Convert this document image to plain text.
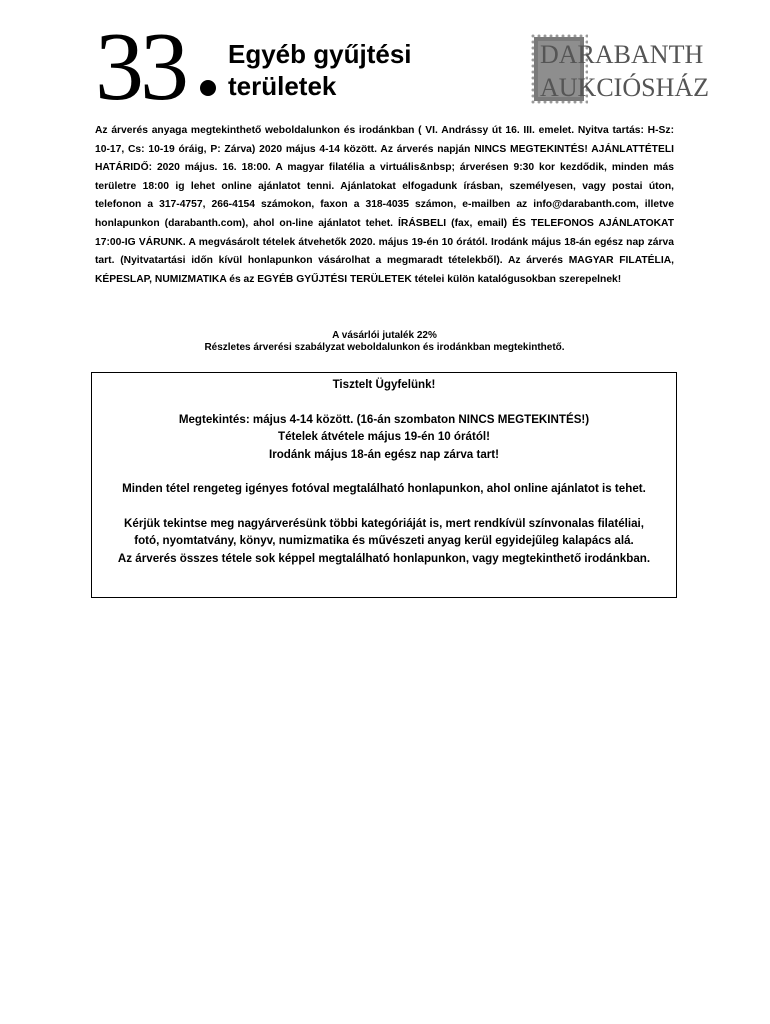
33 Egyéb gyűjtési
területek
DARABANTH
AUKCIÓSHÁZ

Az árverés anyaga megtekinthető weboldalunkon és irodánkban ( VI. Andrássy út 16. III. emelet. Nyitva tartás: H-Sz: 10-17, Cs: 10-19 óráig, P: Zárva) 2020 május 4-14 között. Az árverés napján NINCS MEGTEKINTÉS! AJÁNLATTÉTELI HATÁRIDŐ: 2020 május. 16. 18:00. A magyar filatélia a virtuális&nbsp; árverésen 9:30 kor kezdődik, minden más területre 18:00 ig lehet online ajánlatot tenni. Ajánlatokat elfogadunk írásban, személyesen, vagy postai úton, telefonon a 317-4757, 266-4154 számokon, faxon a 318-4035 számon, e-mailben az info@darabanth.com, illetve honlapunkon (darabanth.com), ahol on-line ajánlatot tehet. ÍRÁSBELI (fax, email) ÉS TELEFONOS AJÁNLATOKAT 17:00-IG VÁRUNK. A megvásárolt tételek átvehetők 2020. május 19-én 10 órától. Irodánk május 18-án egész nap zárva tart. (Nyitvatartási időn kívül honlapunkon vásárolhat a megmaradt tételekből). Az árverés MAGYAR FILATÉLIA, KÉPESLAP, NUMIZMATIKA és az EGYÉB GYŰJTÉSI TERÜLETEK tételei külön katalógusokban szerepelnek!

A vásárlói jutalék 22%
Részletes árverési szabályzat weboldalunkon és irodánkban megtekinthető.

Tisztelt Ügyfelünk!

Megtekintés: május 4-14 között. (16-án szombaton NINCS MEGTEKINTÉS!)

Tételek átvétele május 19-én 10 órától!

Irodánk május 18-án egész nap zárva tart!

Minden tétel rengeteg igényes fotóval megtalálható honlapunkon, ahol online ajánlatot is tehet.

Kérjük tekintse meg nagyárverésünk többi kategóriáját is, mert rendkívül színvonalas filatéliai, fotó, nyomtatvány, könyv, numizmatika és művészeti anyag kerül egyidejűleg kalapács alá.

Az árverés összes tétele sok képpel megtalálható honlapunkon, vagy megtekinthető irodánkban.
